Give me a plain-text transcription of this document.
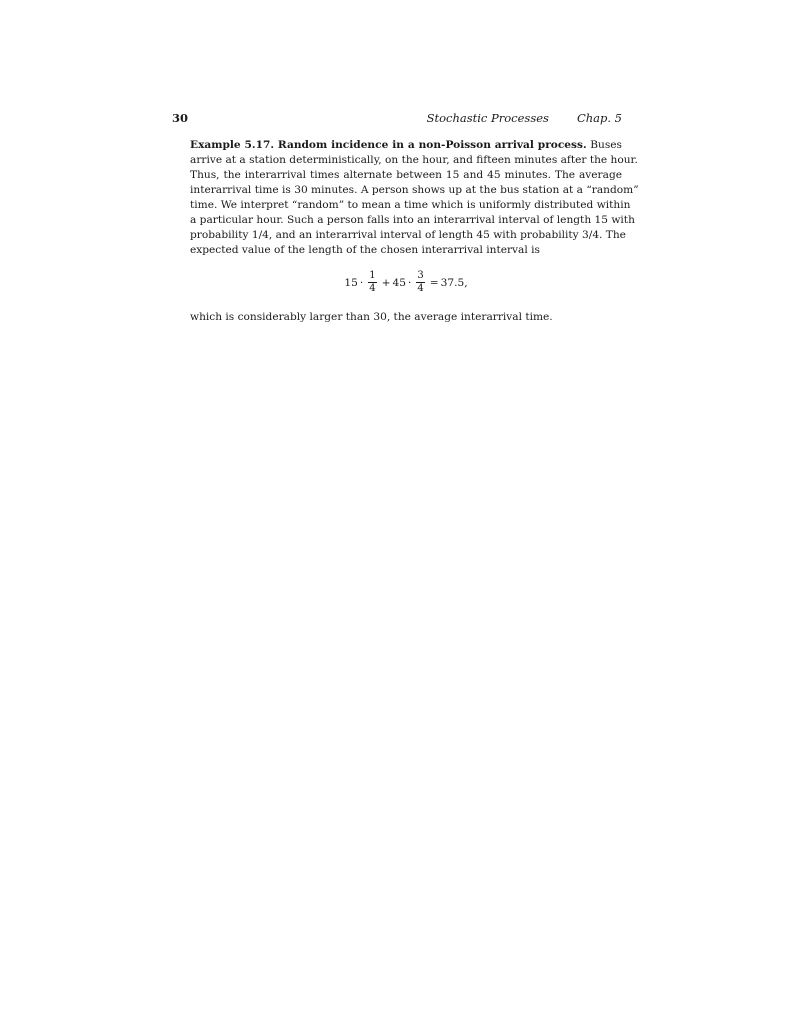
30	Stochastic Processes Chap. 5
Example 5.17. Random incidence in a non-Poisson arrival process. Buses
arrive at a station deterministically, on the hour, and fifteen minutes after the hour.
Thus, the interarrival times alternate between 15 and 45 minutes. The average
interarrival time is 30 minutes. A person shows up at the bus station at a “random”
time. We interpret “random” to mean a time which is uniformly distributed within
a particular hour. Such a person falls into an interarrival interval of length 15 with
probability 1/4, and an interarrival interval of length 45 with probability 3/4. The
expected value of the length of the chosen interarrival interval is
$15 \cdot \frac{1}{4} + 45 \cdot \frac{3}{4} = 37.5$,
which is considerably larger than 30, the average interarrival time.
